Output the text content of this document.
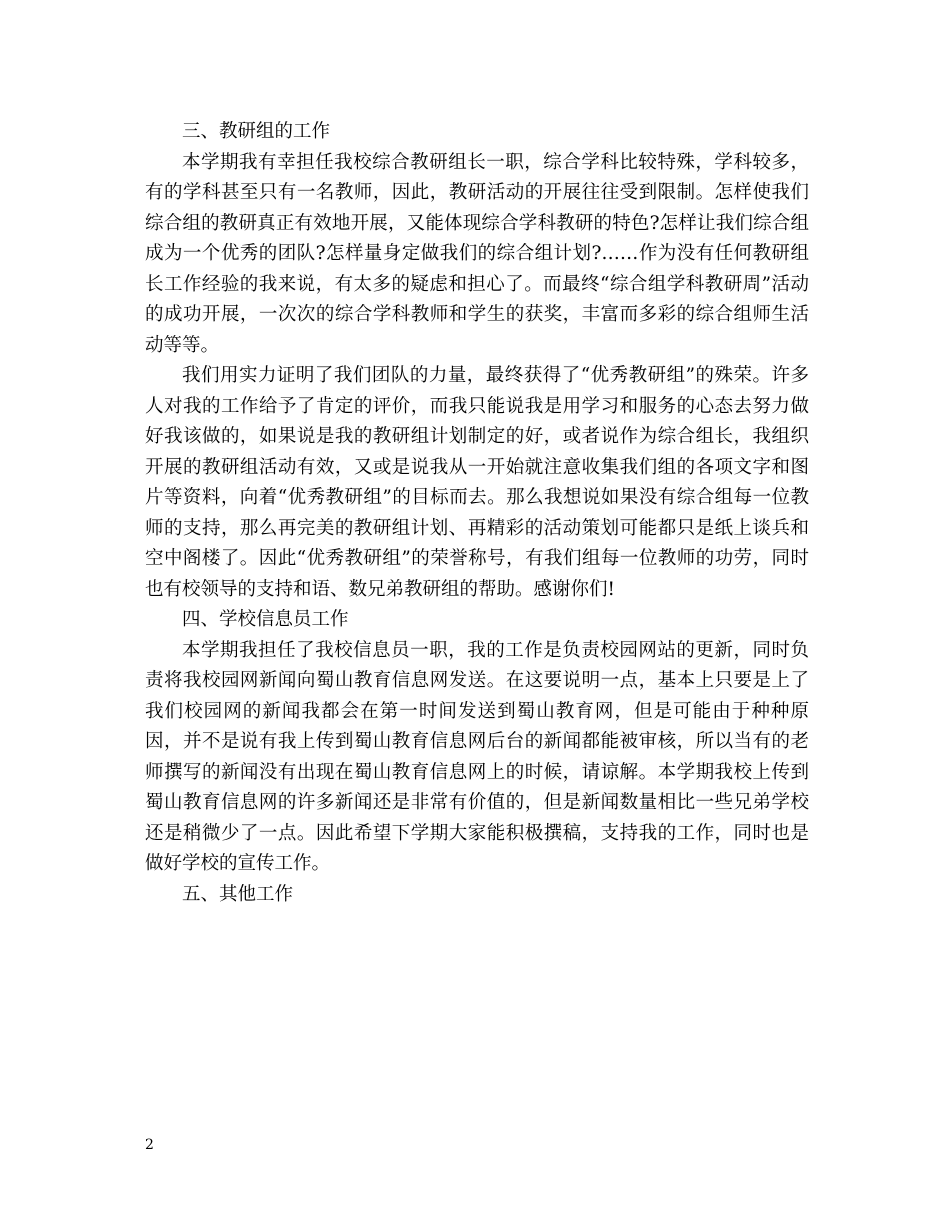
三、教研组的工作

本学期我有幸担任我校综合教研组长一职，综合学科比较特殊，学科较多，有的学科甚至只有一名教师，因此，教研活动的开展往往受到限制。怎样使我们综合组的教研真正有效地开展，又能体现综合学科教研的特色?怎样让我们综合组成为一个优秀的团队?怎样量身定做我们的综合组计划?……作为没有任何教研组长工作经验的我来说，有太多的疑虑和担心了。而最终“综合组学科教研周”活动的成功开展，一次次的综合学科教师和学生的获奖，丰富而多彩的综合组师生活动等等。

我们用实力证明了我们团队的力量，最终获得了“优秀教研组”的殊荣。许多人对我的工作给予了肯定的评价，而我只能说我是用学习和服务的心态去努力做好我该做的，如果说是我的教研组计划制定的好，或者说作为综合组长，我组织开展的教研组活动有效，又或是说我从一开始就注意收集我们组的各项文字和图片等资料，向着“优秀教研组”的目标而去。那么我想说如果没有综合组每一位教师的支持，那么再完美的教研组计划、再精彩的活动策划可能都只是纸上谈兵和空中阁楼了。因此“优秀教研组”的荣誉称号，有我们组每一位教师的功劳，同时也有校领导的支持和语、数兄弟教研组的帮助。感谢你们!

四、学校信息员工作

本学期我担任了我校信息员一职，我的工作是负责校园网站的更新，同时负责将我校园网新闻向蜀山教育信息网发送。在这要说明一点，基本上只要是上了我们校园网的新闻我都会在第一时间发送到蜀山教育网，但是可能由于种种原因，并不是说有我上传到蜀山教育信息网后台的新闻都能被审核，所以当有的老师撰写的新闻没有出现在蜀山教育信息网上的时候，请谅解。本学期我校上传到蜀山教育信息网的许多新闻还是非常有价值的，但是新闻数量相比一些兄弟学校还是稍微少了一点。因此希望下学期大家能积极撰稿，支持我的工作，同时也是做好学校的宣传工作。

五、其他工作

2
